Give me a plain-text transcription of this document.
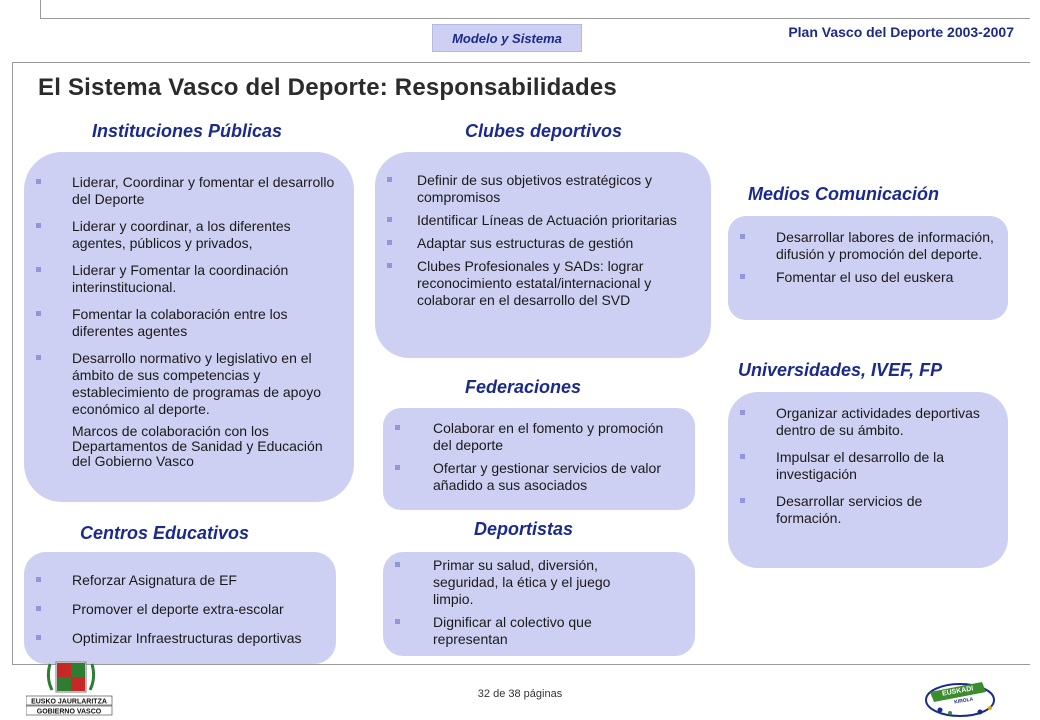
Modelo y Sistema	Plan Vasco del Deporte 2003-2007
El Sistema Vasco del Deporte: Responsabilidades
Instituciones Públicas
Liderar, Coordinar y fomentar el desarrollo del Deporte
Liderar y coordinar, a los diferentes agentes, públicos y privados,
Liderar y Fomentar la coordinación interinstitucional.
Fomentar la colaboración entre los diferentes agentes
Desarrollo normativo y legislativo en el ámbito de sus competencias y establecimiento de programas de apoyo económico al deporte.
Marcos de colaboración con los Departamentos de Sanidad y Educación del Gobierno Vasco
Clubes deportivos
Definir de sus objetivos estratégicos y compromisos
Identificar Líneas de Actuación prioritarias
Adaptar sus estructuras de gestión
Clubes Profesionales y SADs: lograr reconocimiento estatal/internacional y colaborar en el desarrollo del SVD
Medios Comunicación
Desarrollar labores de información, difusión y promoción del deporte.
Fomentar el uso del euskera
Federaciones
Colaborar en el fomento y promoción del deporte
Ofertar y gestionar servicios de valor añadido a sus asociados
Universidades, IVEF, FP
Organizar actividades deportivas dentro de su ámbito.
Impulsar el desarrollo de la investigación
Desarrollar servicios de formación.
Centros Educativos
Reforzar Asignatura de EF
Promover el deporte extra-escolar
Optimizar Infraestructuras deportivas
Deportistas
Primar su salud, diversión, seguridad, la ética y el juego limpio.
Dignificar al colectivo que representan
32 de 38 páginas
EUSKO JAURLARITZA
GOBIERNO VASCO
EUSKADI
KIROLA
